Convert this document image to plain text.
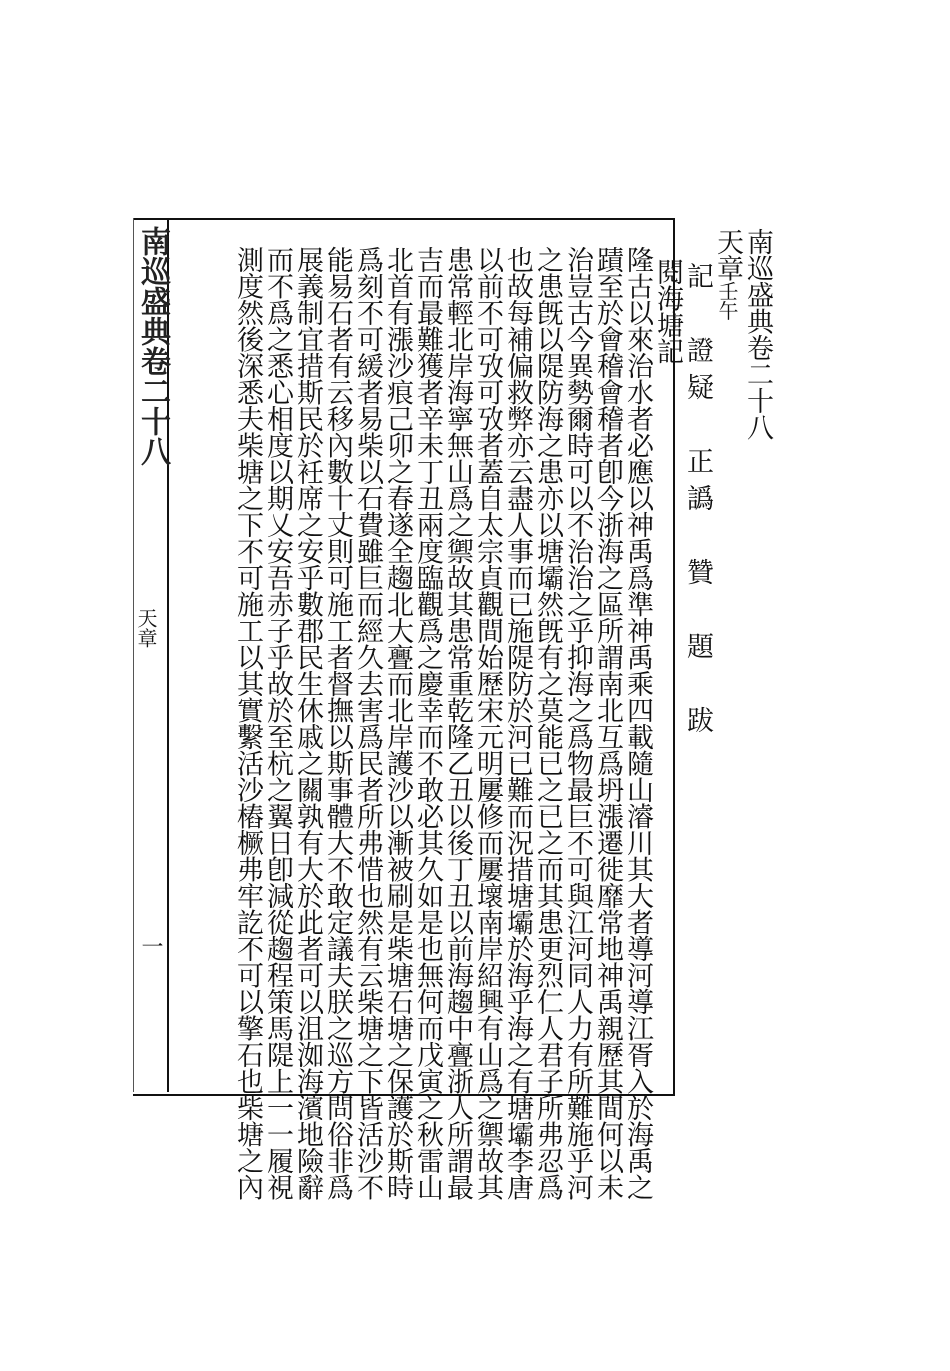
南巡盛典卷二十八
天章
一
南巡盛典卷二十八
天章壬午
記　證疑　正譌　贊　題　跋
閱海塘記
隆古以來治水者必應以神禹爲準神禹乘四載隨山濬川其大者導河導江胥入於海禹之
蹟至於會稽會稽者卽今浙海之區所謂南北互爲坍漲遷徙靡常地神禹親歷其間何以未
治豈古今異勢爾時可以不治治之乎抑海之爲物最巨不可與江河同人力有所難施乎河
之患旣以隄防海之患亦以塘壩然旣有之莫能已之已之而其患更烈仁人君子所弗忍爲
也故每補偏救弊亦云盡人事而已施隄防於河已難而況措塘壩於海乎海之有塘壩李唐
以前不可攷可攷者蓋自太宗貞觀間始歷宋元明屢修而屢壞南岸紹興有山爲之禦故其
患常輕北岸海寧無山爲之禦故其患常重乾隆乙丑以後丁丑以前海趨中亹浙人所謂最
吉而最難獲者辛未丁丑兩度臨觀爲之慶幸而不敢必其久如是也無何而戊寅之秋雷山
北首有漲沙痕己卯之春遂全趨北大亹而北岸護沙以漸被刷是柴塘石塘之保護於斯時
爲刻不可緩者易柴以石費雖巨而經久去害爲民者所弗惜也然有云柴塘之下皆活沙不
能易石者有云移內數十丈則可施工者督撫以斯事體大不敢定議夫朕之巡方問俗非爲
展義制宜措斯民於衽席之安乎數郡民生休戚之關孰有大於此者可以沮洳海濱地險辭
而不爲之悉心相度以期乂安吾赤子乎故於至杭之翼日卽減從趨程策馬隄上一一履視
測度然後深悉夫柴塘之下不可施工以其實繫活沙樁橛弗牢訖不可以擎石也柴塘之內
